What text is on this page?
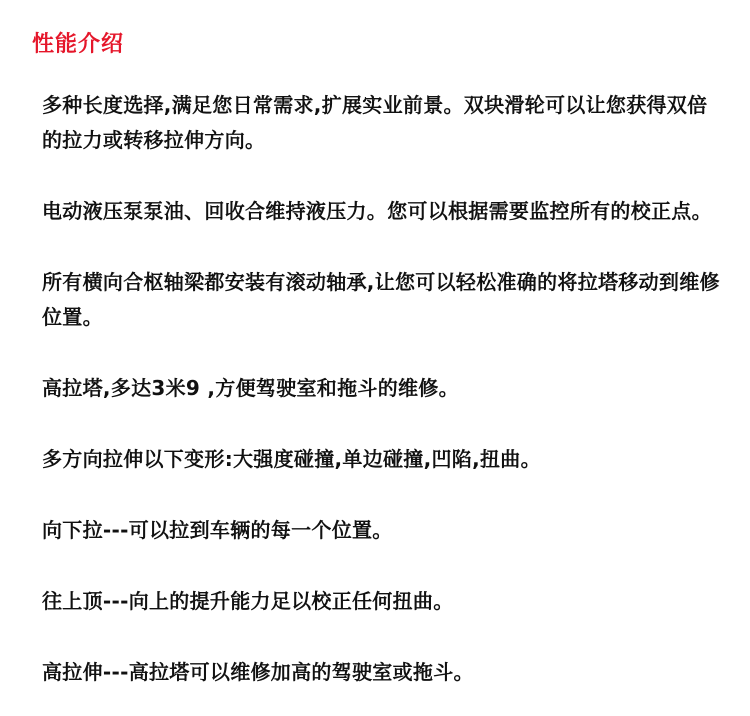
性能介绍
多种长度选择,满足您日常需求,扩展实业前景。双块滑轮可以让您获得双倍的拉力或转移拉伸方向。
电动液压泵泵油、回收合维持液压力。您可以根据需要监控所有的校正点。
所有横向合枢轴梁都安装有滚动轴承,让您可以轻松准确的将拉塔移动到维修位置。
高拉塔,多达3米9 ,方便驾驶室和拖斗的维修。
多方向拉伸以下变形:大强度碰撞,单边碰撞,凹陷,扭曲。
向下拉---可以拉到车辆的每一个位置。
往上顶---向上的提升能力足以校正任何扭曲。
高拉伸---高拉塔可以维修加高的驾驶室或拖斗。
